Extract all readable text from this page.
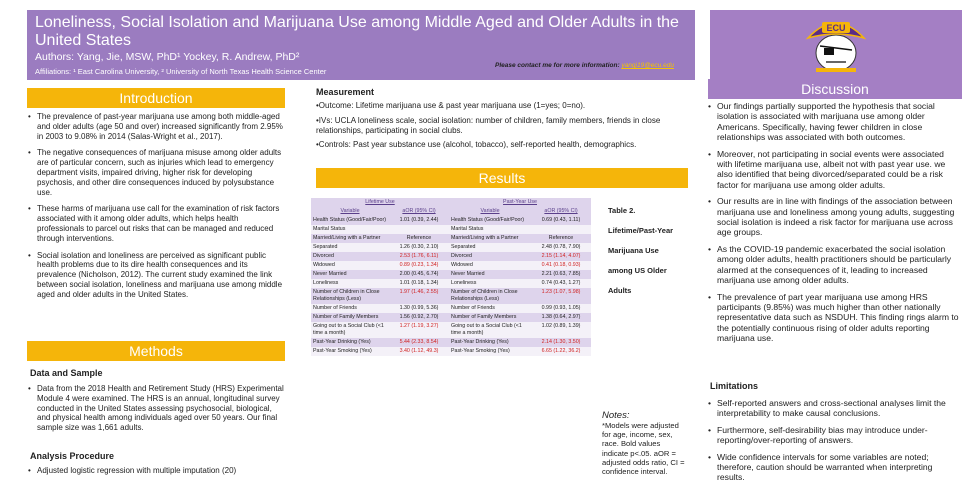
Loneliness, Social Isolation and Marijuana Use among Middle Aged and Older Adults in the United States
Authors: Yang, Jie, MSW, PhD¹ Yockey, R. Andrew, PhD²
Affiliations: ¹ East Carolina University, ² University of North Texas Health Science Center
Please contact me for more information: yangj19@ecu.edu
ECU
Introduction
• The prevalence of past-year marijuana use among both middle-aged and older adults (age 50 and over) increased significantly from 2.95% in 2003 to 9.08% in 2014 (Salas-Wright et al., 2017).
• The negative consequences of marijuana misuse among older adults are of particular concern, such as injuries which lead to emergency department visits, impaired driving, higher risk for developing psychosis, and other dire consequences induced by polysubstance use.
• These harms of marijuana use call for the examination of risk factors associated with it among older adults, which helps health professionals to parcel out risks that can be managed and reduced through interventions.
• Social isolation and loneliness are perceived as significant public health problems due to its dire health consequences and its prevalence (Nicholson, 2012). The current study examined the link between social isolation, loneliness and marijuana use among middle aged and older adults in the United States.
Methods
Data and Sample
• Data from the 2018 Health and Retirement Study (HRS) Experimental Module 4 were examined. The HRS is an annual, longitudinal survey conducted in the United States assessing psychosocial, biological, and physical health among individuals aged over 50 years. Our final sample size was 1,661 adults.
Analysis Procedure
• Adjusted logistic regression with multiple imputation (20)
Measurement

•Outcome: Lifetime marijuana use & past year marijuana use (1=yes; 0=no).

•IVs: UCLA loneliness scale, social isolation: number of children, family members, friends in close relationships, participating in social clubs.

•Controls: Past year substance use (alcohol, tobacco), self-reported health, demographics.

Results
Lifetime Use		Past-Year Use	
Variable	aOR (95% CI)	Variable	aOR (95% CI)
Health Status (Good/Fair/Poor)	1.01 (0.39, 2.44)	Health Status (Good/Fair/Poor)	0.69 (0.43, 1.11)
Marital Status		Marital Status	
Married/Living with a Partner	Reference	Married/Living with a Partner	Reference
Separated	1.26 (0.30, 2.10)	Separated	2.48 (0.78, 7.90)
Divorced	2.53 (1.76, 6.11)	Divorced	2.15 (1.14, 4.07)
Widowed	0.89 (0.23, 1.34)	Widowed	0.41 (0.18, 0.93)
Never Married	2.00 (0.45, 6.74)	Never Married	2.21 (0.63, 7.85)
Loneliness	1.01 (0.18, 1.34)	Loneliness	0.74 (0.43, 1.27)
Number of Children in Close Relationships (Less)	1.97 (1.46, 2.55)	Number of Children in Close Relationships (Less)	1.23 (1.07, 5.98)
Number of Friends	1.30 (0.99, 5.36)	Number of Friends	0.99 (0.93, 1.05)
Number of Family Members	1.56 (0.92, 2.70)	Number of Family Members	1.38 (0.64, 2.97)
Going out to a Social Club (<1 time a month)	1.27 (1.19, 3.27)	Going out to a Social Club (<1 time a month)	1.02 (0.89, 1.39)
Past-Year Drinking (Yes)	5.44 (2.33, 8.54)	Past-Year Drinking (Yes)	2.14 (1.30, 3.50)
Past-Year Smoking (Yes)	3.40 (1.12, 49.3)	Past-Year Smoking (Yes)	6.65 (1.22, 36.2)
Table 2. Lifetime/Past-Year Marijuana Use among US Older Adults
Notes:
*Models were adjusted for age, income, sex, race. Bold values indicate p<.05. aOR = adjusted odds ratio, CI = confidence interval.
Discussion
• Our findings partially supported the hypothesis that social isolation is associated with marijuana use among older Americans. Specifically, having fewer children in close relationships was associated with both outcomes.
• Moreover, not participating in social events were associated with lifetime marijuana use, albeit not with past year use. we also identified that being divorced/separated could be a risk factor for marijuana use among older adults.
• Our results are in line with findings of the association between marijuana use and loneliness among young adults, suggesting social isolation is indeed a risk factor for marijuana use across age groups.
• As the COVID-19 pandemic exacerbated the social isolation among older adults, health practitioners should be particularly alarmed at the consequences of it, leading to increased marijuana use among older adults.
• The prevalence of part year marijuana use among HRS participants (9.85%) was much higher than other nationally representative data such as NSDUH. This finding rings alarm to the potentially continuous rising of older adults reporting marijuana use.
Limitations
• Self-reported answers and cross-sectional analyses limit the interpretability to make causal conclusions.
• Furthermore, self-desirability bias may introduce under-reporting/over-reporting of answers.
• Wide confidence intervals for some variables are noted; therefore, caution should be warranted when interpreting results.
